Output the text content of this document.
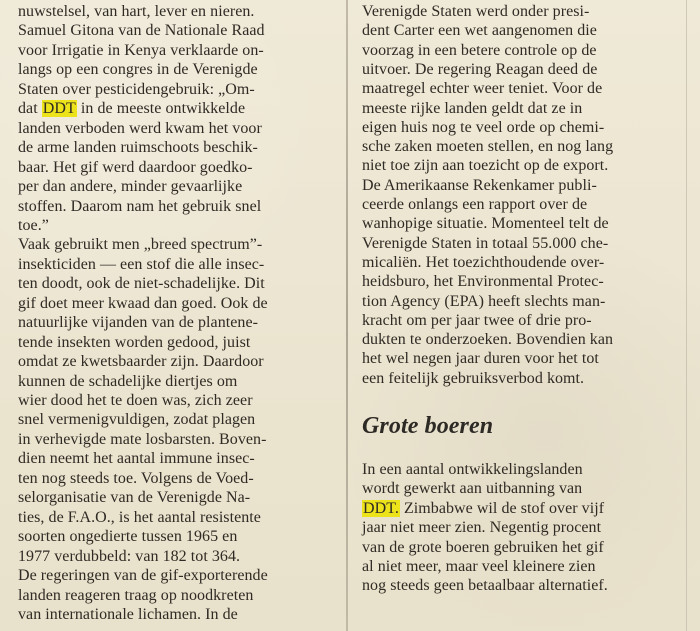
nuwstelsel, van hart, lever en nieren.
Samuel Gitona van de Nationale Raad
voor Irrigatie in Kenya verklaarde on-
langs op een congres in de Verenigde
Staten over pesticidengebruik: „Om-
dat DDT in de meeste ontwikkelde
landen verboden werd kwam het voor
de arme landen ruimschoots beschik-
baar. Het gif werd daardoor goedko-
per dan andere, minder gevaarlijke
stoffen. Daarom nam het gebruik snel
toe.”
Vaak gebruikt men „breed spectrum”-
insekticiden — een stof die alle insec-
ten doodt, ook de niet-schadelijke. Dit
gif doet meer kwaad dan goed. Ook de
natuurlijke vijanden van de plantene-
tende insekten worden gedood, juist
omdat ze kwetsbaarder zijn. Daardoor
kunnen de schadelijke diertjes om
wier dood het te doen was, zich zeer
snel vermenigvuldigen, zodat plagen
in verhevigde mate losbarsten. Boven-
dien neemt het aantal immune insec-
ten nog steeds toe. Volgens de Voed-
selorganisatie van de Verenigde Na-
ties, de F.A.O., is het aantal resistente
soorten ongedierte tussen 1965 en
1977 verdubbeld: van 182 tot 364.
De regeringen van de gif-exporterende
landen reageren traag op noodkreten
van internationale lichamen. In de
Grote boeren
Verenigde Staten werd onder presi-
dent Carter een wet aangenomen die
voorzag in een betere controle op de
uitvoer. De regering Reagan deed de
maatregel echter weer teniet. Voor de
meeste rijke landen geldt dat ze in
eigen huis nog te veel orde op chemi-
sche zaken moeten stellen, en nog lang
niet toe zijn aan toezicht op de export.
De Amerikaanse Rekenkamer publi-
ceerde onlangs een rapport over de
wanhopige situatie. Momenteel telt de
Verenigde Staten in totaal 55.000 che-
micaliën. Het toezichthoudende over-
heidsburo, het Environmental Protec-
tion Agency (EPA) heeft slechts man-
kracht om per jaar twee of drie pro-
dukten te onderzoeken. Bovendien kan
het wel negen jaar duren voor het tot
een feitelijk gebruiksverbod komt.
In een aantal ontwikkelingslanden
wordt gewerkt aan uitbanning van
DDT. Zimbabwe wil de stof over vijf
jaar niet meer zien. Negentig procent
van de grote boeren gebruiken het gif
al niet meer, maar veel kleinere zien
nog steeds geen betaalbaar alternatief.
